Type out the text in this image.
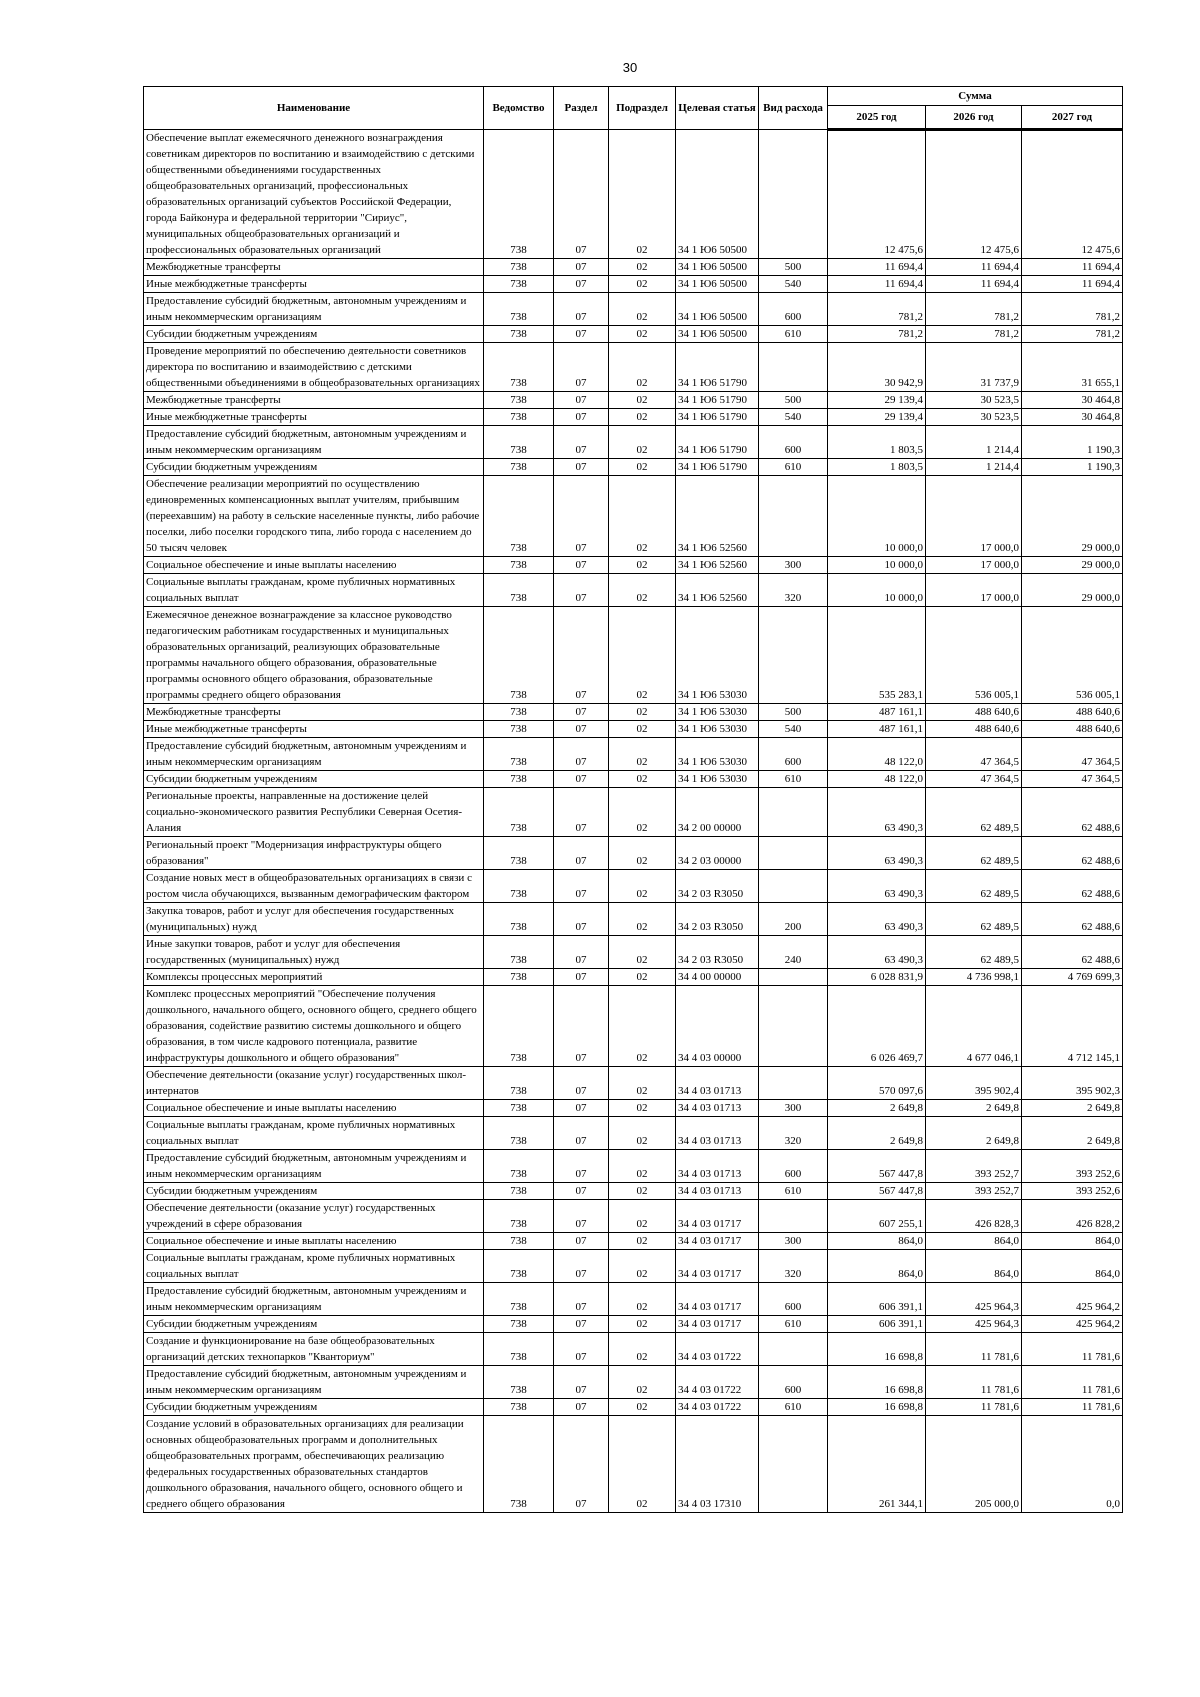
30
Наименование	Ведомство	Раздел	Подраздел	Целевая статья	Вид расхода	Сумма		
						2025 год	2026 год	2027 год
Обеспечение выплат ежемесячного денежного вознаграждения советникам директоров по воспитанию и взаимодействию с детскими общественными объединениями государственных общеобразовательных организаций, профессиональных образовательных организаций субъектов Российской Федерации, города Байконура и федеральной территории "Сириус", муниципальных общеобразовательных организаций и профессиональных образовательных организаций	738	07	02	34 1 Ю6 50500		12 475,6	12 475,6	12 475,6
Межбюджетные трансферты	738	07	02	34 1 Ю6 50500	500	11 694,4	11 694,4	11 694,4
Иные межбюджетные трансферты	738	07	02	34 1 Ю6 50500	540	11 694,4	11 694,4	11 694,4
Предоставление субсидий бюджетным, автономным учреждениям и иным некоммерческим организациям	738	07	02	34 1 Ю6 50500	600	781,2	781,2	781,2
Субсидии бюджетным учреждениям	738	07	02	34 1 Ю6 50500	610	781,2	781,2	781,2
Проведение мероприятий по обеспечению деятельности советников директора по воспитанию и взаимодействию с детскими общественными объединениями в общеобразовательных организациях	738	07	02	34 1 Ю6 51790		30 942,9	31 737,9	31 655,1
Межбюджетные трансферты	738	07	02	34 1 Ю6 51790	500	29 139,4	30 523,5	30 464,8
Иные межбюджетные трансферты	738	07	02	34 1 Ю6 51790	540	29 139,4	30 523,5	30 464,8
Предоставление субсидий бюджетным, автономным учреждениям и иным некоммерческим организациям	738	07	02	34 1 Ю6 51790	600	1 803,5	1 214,4	1 190,3
Субсидии бюджетным учреждениям	738	07	02	34 1 Ю6 51790	610	1 803,5	1 214,4	1 190,3
Обеспечение реализации мероприятий по осуществлению единовременных компенсационных выплат учителям, прибывшим (переехавшим) на работу в сельские населенные пункты, либо рабочие поселки, либо поселки городского типа, либо города с населением до 50 тысяч человек	738	07	02	34 1 Ю6 52560		10 000,0	17 000,0	29 000,0
Социальное обеспечение и иные выплаты населению	738	07	02	34 1 Ю6 52560	300	10 000,0	17 000,0	29 000,0
Социальные выплаты гражданам, кроме публичных нормативных социальных выплат	738	07	02	34 1 Ю6 52560	320	10 000,0	17 000,0	29 000,0
Ежемесячное денежное вознаграждение за классное руководство педагогическим работникам государственных и муниципальных образовательных организаций, реализующих образовательные программы начального общего образования, образовательные программы основного общего образования, образовательные программы среднего общего образования	738	07	02	34 1 Ю6 53030		535 283,1	536 005,1	536 005,1
Межбюджетные трансферты	738	07	02	34 1 Ю6 53030	500	487 161,1	488 640,6	488 640,6
Иные межбюджетные трансферты	738	07	02	34 1 Ю6 53030	540	487 161,1	488 640,6	488 640,6
Предоставление субсидий бюджетным, автономным учреждениям и иным некоммерческим организациям	738	07	02	34 1 Ю6 53030	600	48 122,0	47 364,5	47 364,5
Субсидии бюджетным учреждениям	738	07	02	34 1 Ю6 53030	610	48 122,0	47 364,5	47 364,5
Региональные проекты, направленные на достижение целей социально-экономического развития Республики Северная Осетия-Алания	738	07	02	34 2 00 00000		63 490,3	62 489,5	62 488,6
Региональный проект "Модернизация инфраструктуры общего образования"	738	07	02	34 2 03 00000		63 490,3	62 489,5	62 488,6
Создание новых мест в общеобразовательных организациях в связи с ростом числа обучающихся, вызванным демографическим фактором	738	07	02	34 2 03 R3050		63 490,3	62 489,5	62 488,6
Закупка товаров, работ и услуг для обеспечения государственных (муниципальных) нужд	738	07	02	34 2 03 R3050	200	63 490,3	62 489,5	62 488,6
Иные закупки товаров, работ и услуг для обеспечения государственных (муниципальных) нужд	738	07	02	34 2 03 R3050	240	63 490,3	62 489,5	62 488,6
Комплексы процессных мероприятий	738	07	02	34 4 00 00000		6 028 831,9	4 736 998,1	4 769 699,3
Комплекс процессных мероприятий "Обеспечение получения дошкольного, начального общего, основного общего, среднего общего образования, содействие развитию системы дошкольного и общего образования, в том числе кадрового потенциала, развитие инфраструктуры дошкольного и общего образования"	738	07	02	34 4 03 00000		6 026 469,7	4 677 046,1	4 712 145,1
Обеспечение деятельности (оказание услуг) государственных школ-интернатов	738	07	02	34 4 03 01713		570 097,6	395 902,4	395 902,3
Социальное обеспечение и иные выплаты населению	738	07	02	34 4 03 01713	300	2 649,8	2 649,8	2 649,8
Социальные выплаты гражданам, кроме публичных нормативных социальных выплат	738	07	02	34 4 03 01713	320	2 649,8	2 649,8	2 649,8
Предоставление субсидий бюджетным, автономным учреждениям и иным некоммерческим организациям	738	07	02	34 4 03 01713	600	567 447,8	393 252,7	393 252,6
Субсидии бюджетным учреждениям	738	07	02	34 4 03 01713	610	567 447,8	393 252,7	393 252,6
Обеспечение деятельности (оказание услуг) государственных учреждений в сфере образования	738	07	02	34 4 03 01717		607 255,1	426 828,3	426 828,2
Социальное обеспечение и иные выплаты населению	738	07	02	34 4 03 01717	300	864,0	864,0	864,0
Социальные выплаты гражданам, кроме публичных нормативных социальных выплат	738	07	02	34 4 03 01717	320	864,0	864,0	864,0
Предоставление субсидий бюджетным, автономным учреждениям и иным некоммерческим организациям	738	07	02	34 4 03 01717	600	606 391,1	425 964,3	425 964,2
Субсидии бюджетным учреждениям	738	07	02	34 4 03 01717	610	606 391,1	425 964,3	425 964,2
Создание и функционирование на базе общеобразовательных организаций детских технопарков "Кванториум"	738	07	02	34 4 03 01722		16 698,8	11 781,6	11 781,6
Предоставление субсидий бюджетным, автономным учреждениям и иным некоммерческим организациям	738	07	02	34 4 03 01722	600	16 698,8	11 781,6	11 781,6
Субсидии бюджетным учреждениям	738	07	02	34 4 03 01722	610	16 698,8	11 781,6	11 781,6
Создание условий в образовательных организациях для реализации основных общеобразовательных программ и дополнительных общеобразовательных программ, обеспечивающих реализацию федеральных государственных образовательных стандартов дошкольного образования, начального общего, основного общего и среднего общего образования	738	07	02	34 4 03 17310		261 344,1	205 000,0	0,0
